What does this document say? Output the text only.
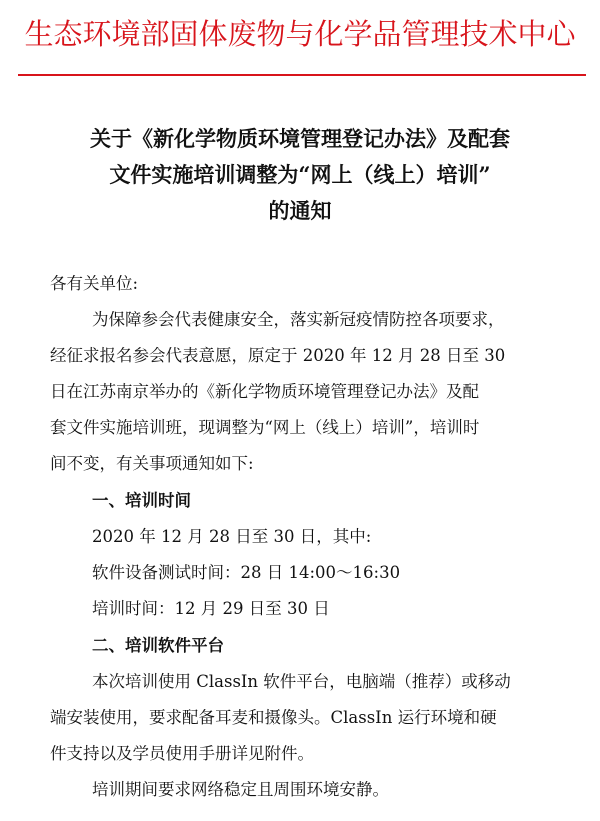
生态环境部固体废物与化学品管理技术中心
关于《新化学物质环境管理登记办法》及配套
文件实施培训调整为“网上（线上）培训”
的通知
各有关单位:
为保障参会代表健康安全，落实新冠疫情防控各项要求，
经征求报名参会代表意愿，原定于 2020 年 12 月 28 日至 30
日在江苏南京举办的《新化学物质环境管理登记办法》及配
套文件实施培训班，现调整为“网上（线上）培训”，培训时
间不变，有关事项通知如下:
一、培训时间
2020 年 12 月 28 日至 30 日，其中:
软件设备测试时间：28 日 14:00～16:30
培训时间：12 月 29 日至 30 日
二、培训软件平台
本次培训使用 ClassIn 软件平台，电脑端（推荐）或移动
端安装使用，要求配备耳麦和摄像头。ClassIn 运行环境和硬
件支持以及学员使用手册详见附件。
培训期间要求网络稳定且周围环境安静。
